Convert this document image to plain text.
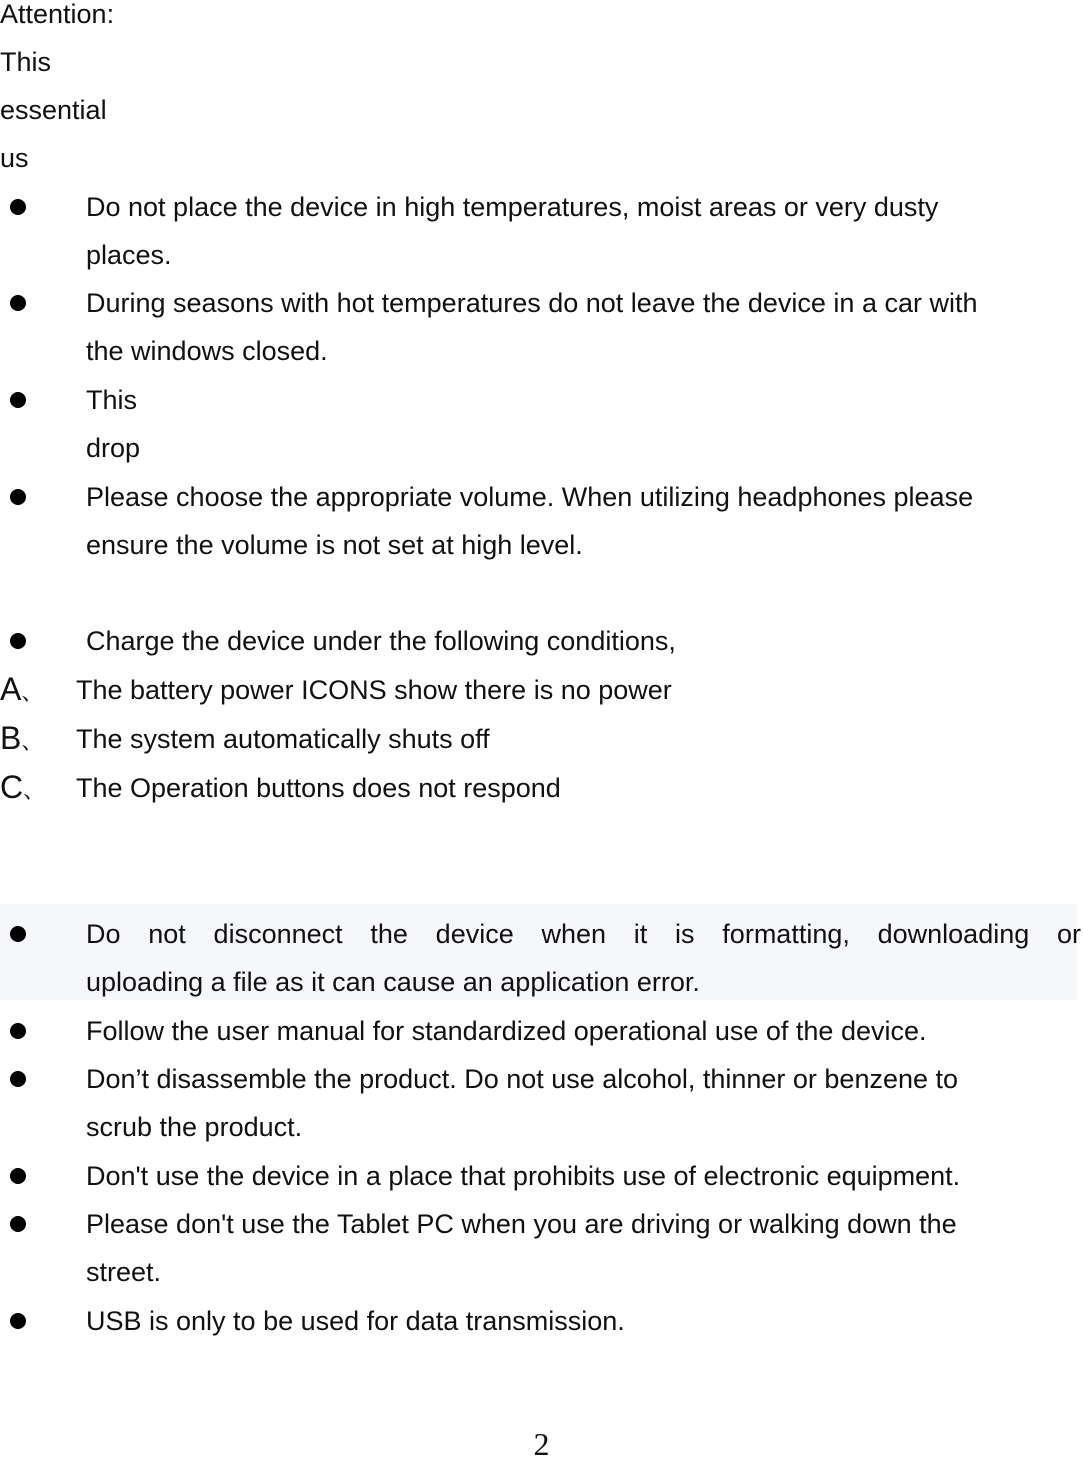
Attention:
This
essential
us
Do not place the device in high temperatures, moist areas or very dusty
places.
During seasons with hot temperatures do not leave the device in a car with
the windows closed.
This
drop
Please choose the appropriate volume. When utilizing headphones please
ensure the volume is not set at high level.
Charge the device under the following conditions,
A、 The battery power ICONS show there is no power
B、 The system automatically shuts off
C、 The Operation buttons does not respond
Do not disconnect the device when it is formatting, downloading or
uploading a file as it can cause an application error.
Follow the user manual for standardized operational use of the device.
Don’t disassemble the product. Do not use alcohol, thinner or benzene to
scrub the product.
Don't use the device in a place that prohibits use of electronic equipment.
Please don't use the Tablet PC when you are driving or walking down the
street.
USB is only to be used for data transmission.
2
